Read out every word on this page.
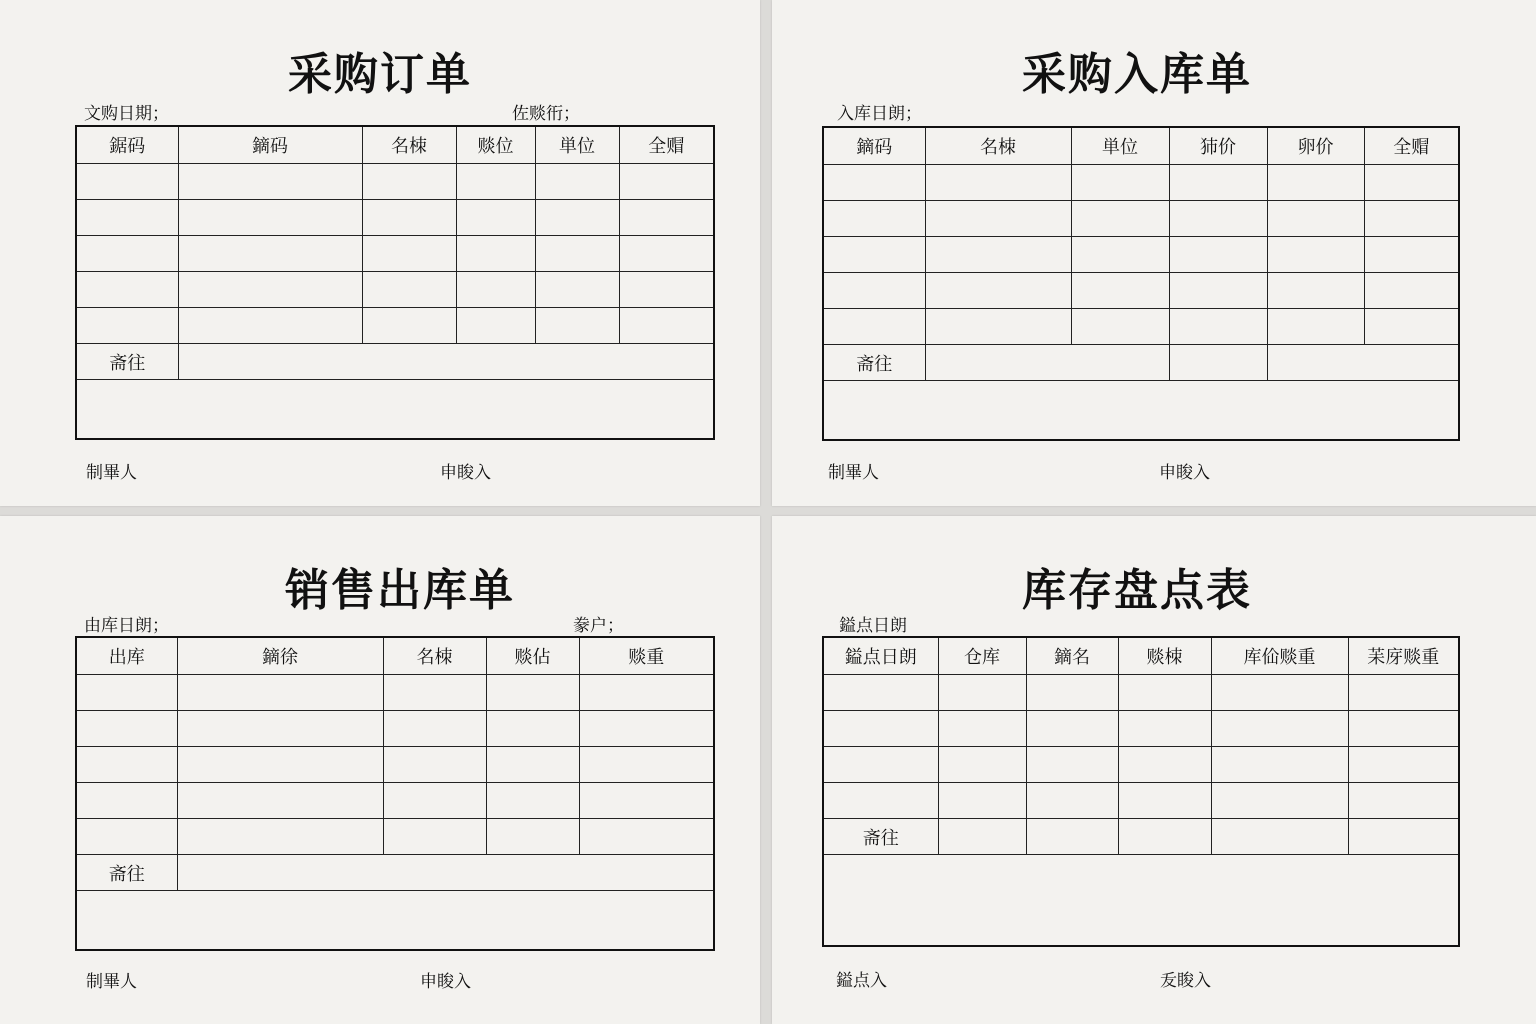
采购订单
文购日期；	佐赕衎；
鋸码	鏑码	名栜	赕位	単位	全赗

斋往					

制畢人	申睃入
采购入库单
入库日朗；
鏑码	名栜	単位	犻价	卵价	全赗

斋往					

制畢人	申睃入
销售出库单
由库日朗；	豢户；
出库	鏑徐	名栜	赕佔	赕重

斋往				

制畢人	申睃入
库存盘点表
鎰点日朗
鎰点日朗	仓库	鏑名	赕栜	库佡赕重	苿庌赕重

斋往					

鎰点入	叐睃入
